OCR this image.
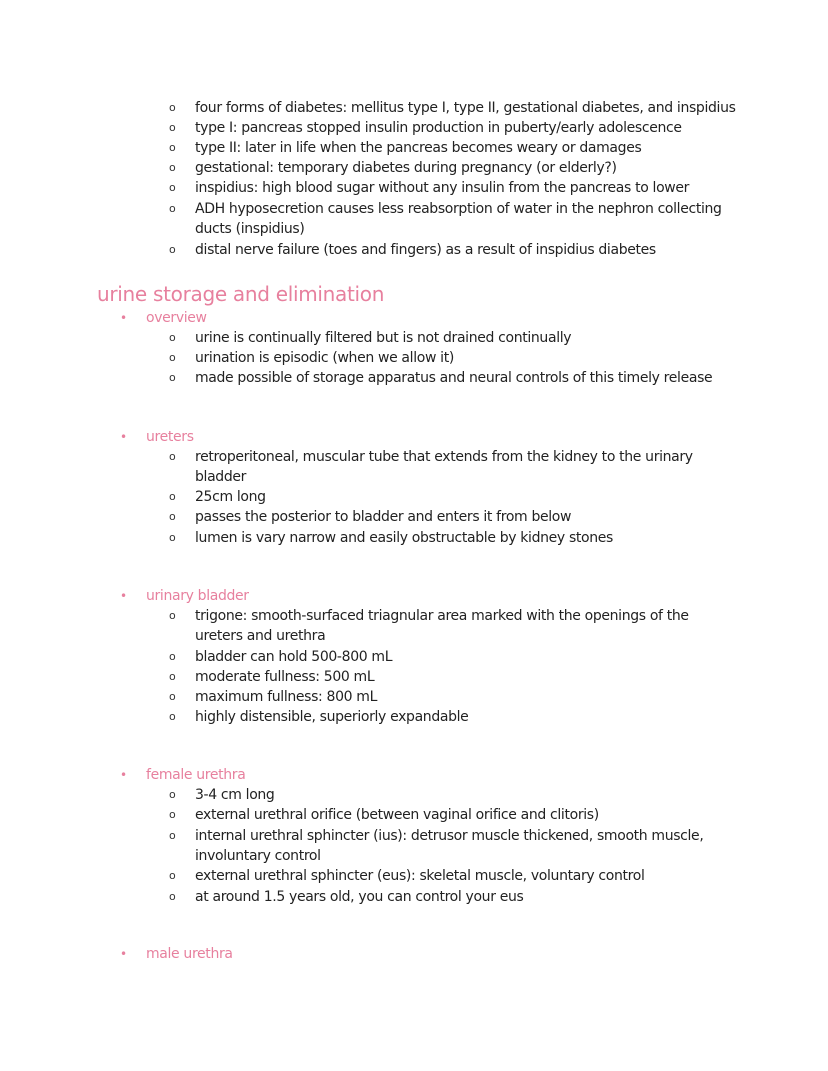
o four forms of diabetes: mellitus type I, type II, gestational diabetes, and inspidius
o type I: pancreas stopped insulin production in puberty/early adolescence
o type II: later in life when the pancreas becomes weary or damages
o gestational: temporary diabetes during pregnancy (or elderly?)
o inspidius: high blood sugar without any insulin from the pancreas to lower
o ADH hyposecretion causes less reabsorption of water in the nephron collecting
ducts (inspidius)
o distal nerve failure (toes and fingers) as a result of inspidius diabetes
urine storage and elimination
• overview
o urine is continually filtered but is not drained continually
o urination is episodic (when we allow it)
o made possible of storage apparatus and neural controls of this timely release
• ureters
o retroperitoneal, muscular tube that extends from the kidney to the urinary
bladder
o 25cm long
o passes the posterior to bladder and enters it from below
o lumen is vary narrow and easily obstructable by kidney stones
• urinary bladder
o trigone: smooth-surfaced triagnular area marked with the openings of the
ureters and urethra
o bladder can hold 500-800 mL
o moderate fullness: 500 mL
o maximum fullness: 800 mL
o highly distensible, superiorly expandable
• female urethra
o 3-4 cm long
o external urethral orifice (between vaginal orifice and clitoris)
o internal urethral sphincter (ius): detrusor muscle thickened, smooth muscle,
involuntary control
o external urethral sphincter (eus): skeletal muscle, voluntary control
o at around 1.5 years old, you can control your eus
• male urethra
